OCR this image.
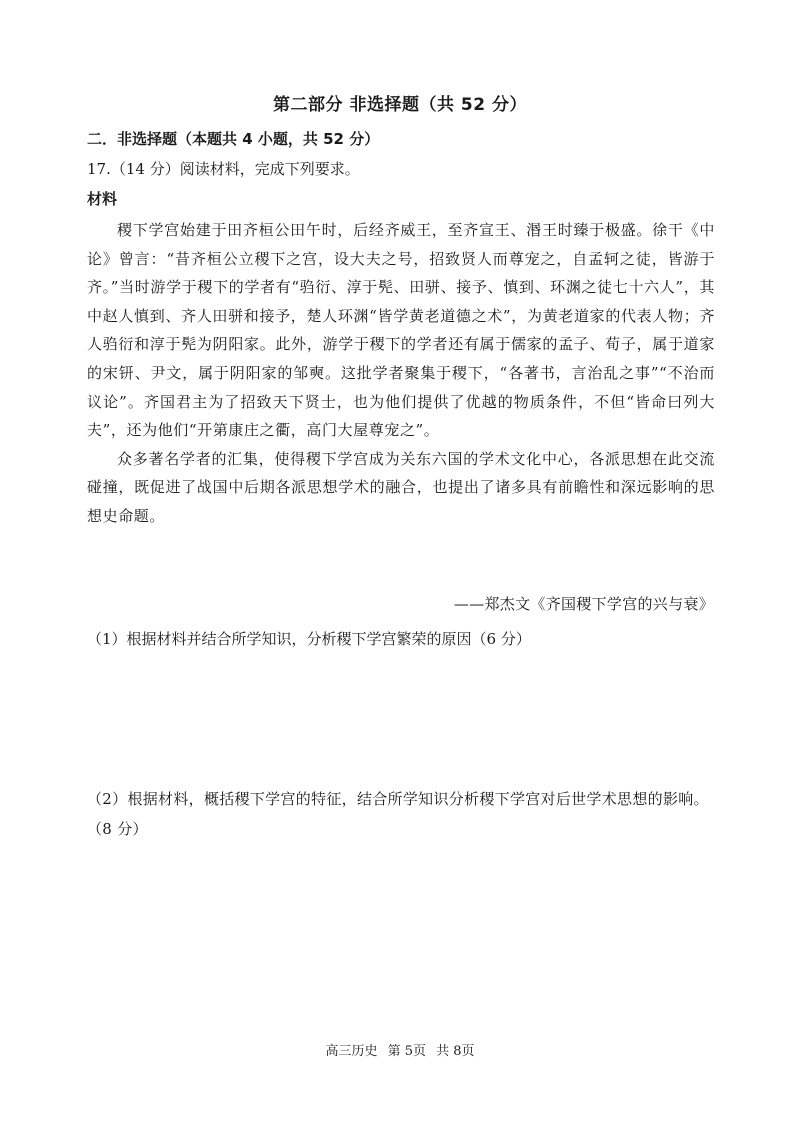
第二部分 非选择题（共 52 分）
二．非选择题（本题共 4 小题，共 52 分）
17.（14 分）阅读材料，完成下列要求。
材料

稷下学宫始建于田齐桓公田午时，后经齐威王，至齐宣王、湣王时臻于极盛。徐干《中论》曾言：“昔齐桓公立稷下之宫，设大夫之号，招致贤人而尊宠之，自孟轲之徒，皆游于齐。”当时游学于稷下的学者有“驺衍、淳于髡、田骈、接予、慎到、环渊之徒七十六人”，其中赵人慎到、齐人田骈和接予，楚人环渊“皆学黄老道德之术”，为黄老道家的代表人物；齐人驺衍和淳于髡为阴阳家。此外，游学于稷下的学者还有属于儒家的孟子、荀子，属于道家的宋钘、尹文，属于阴阳家的邹奭。这批学者聚集于稷下，“各著书，言治乱之事”“不治而议论”。齐国君主为了招致天下贤士，也为他们提供了优越的物质条件，不但“皆命曰列大夫”，还为他们“开第康庄之衢，高门大屋尊宠之”。

众多著名学者的汇集，使得稷下学宫成为关东六国的学术文化中心，各派思想在此交流碰撞，既促进了战国中后期各派思想学术的融合，也提出了诸多具有前瞻性和深远影响的思想史命题。

——郑杰文《齐国稷下学宫的兴与衰》
（1）根据材料并结合所学知识，分析稷下学宫繁荣的原因（6 分）
（2）根据材料，概括稷下学宫的特征，结合所学知识分析稷下学宫对后世学术思想的影响。（8 分）
高三历史 第 5页 共 8页
